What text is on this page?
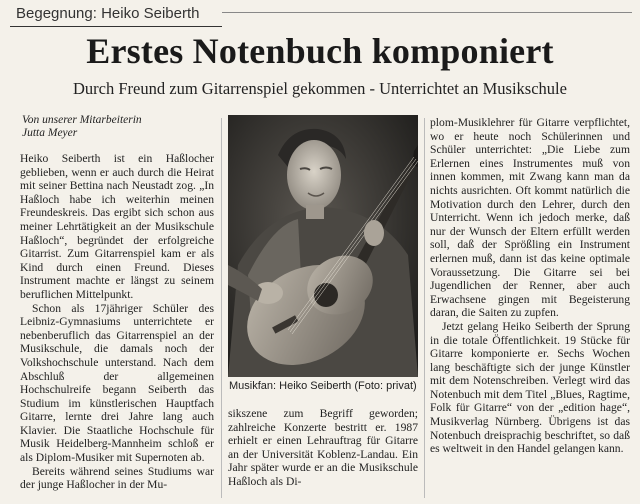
Begegnung: Heiko Seiberth
Erstes Notenbuch komponiert
Durch Freund zum Gitarrenspiel gekommen - Unterrichtet an Musikschule
Von unserer Mitarbeiterin
Jutta Meyer

Heiko Seiberth ist ein Haßlocher geblieben, wenn er auch durch die Heirat mit seiner Bettina nach Neustadt zog. „In Haßloch habe ich weiterhin meinen Freundeskreis. Das ergibt sich schon aus meiner Lehrtätigkeit an der Musikschule Haßloch“, begründet der erfolgreiche Gitarrist. Zum Gitarrenspiel kam er als Kind durch einen Freund. Dieses Instrument machte er längst zu seinem beruflichen Mittelpunkt.

Schon als 17jähriger Schüler des Leibniz-Gymnasiums unterrichtete er nebenberuflich das Gitarrenspiel an der Musikschule, die damals noch der Volkshochschule unterstand. Nach dem Abschluß der allgemeinen Hochschulreife begann Seiberth das Studium im künstlerischen Hauptfach Gitarre, lernte drei Jahre lang auch Klavier. Die Staatliche Hochschule für Musik Heidelberg-Mannheim schloß er als Diplom-Musiker mit Supernoten ab.

Bereits während seines Studiums war der junge Haßlocher in der Mu-

Musikfan: Heiko Seiberth (Foto: privat)

sikszene zum Begriff geworden; zahlreiche Konzerte bestritt er. 1987 erhielt er einen Lehrauftrag für Gitarre an der Universität Koblenz-Landau. Ein Jahr später wurde er an die Musikschule Haßloch als Di-

plom-Musiklehrer für Gitarre verpflichtet, wo er heute noch Schülerinnen und Schüler unterrichtet: „Die Liebe zum Erlernen eines Instrumentes muß von innen kommen, mit Zwang kann man da nichts ausrichten. Oft kommt natürlich die Motivation durch den Lehrer, durch den Unterricht. Wenn ich jedoch merke, daß nur der Wunsch der Eltern erfüllt werden soll, daß der Sprößling ein Instrument erlernen muß, dann ist das keine optimale Voraussetzung. Die Gitarre sei bei Jugendlichen der Renner, aber auch Erwachsene gingen mit Begeisterung daran, die Saiten zu zupfen.

Jetzt gelang Heiko Seiberth der Sprung in die totale Öffentlichkeit. 19 Stücke für Gitarre komponierte er. Sechs Wochen lang beschäftigte sich der junge Künstler mit dem Notenschreiben. Verlegt wird das Notenbuch mit dem Titel „Blues, Ragtime, Folk für Gitarre“ von der „edition hage“, Musikverlag Nürnberg. Übrigens ist das Notenbuch dreisprachig beschriftet, so daß es weltweit in den Handel gelangen kann.
